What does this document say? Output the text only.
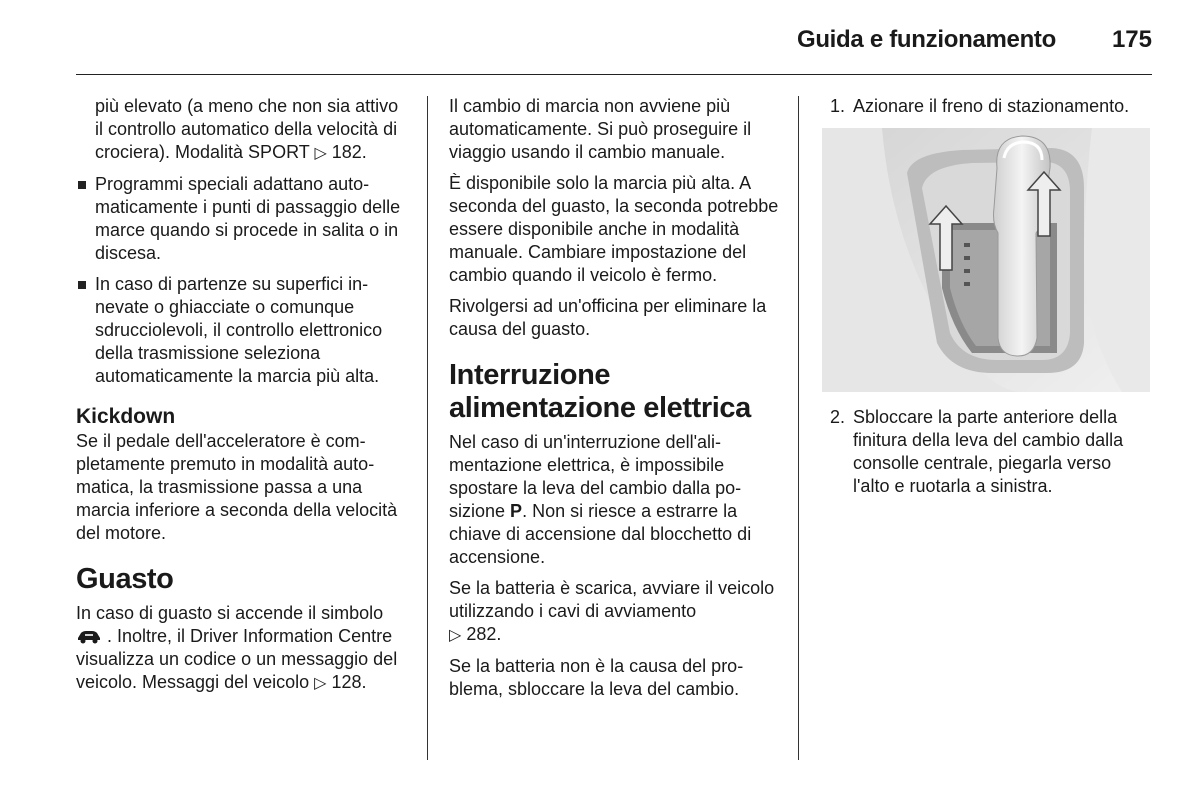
Guida e funzionamento	175

più elevato (a meno che non sia attivo il controllo automatico della velocità di crociera). Modalità SPORT ▷ 182.

Programmi speciali adattano automaticamente i punti di passaggio delle marce quando si procede in salita o in discesa.
In caso di partenze su superfici innevate o ghiacciate o comunque sdrucciolevoli, il controllo elettronico della trasmissione seleziona automaticamente la marcia più alta.
Kickdown

Se il pedale dell'acceleratore è completamente premuto in modalità automatica, la trasmissione passa a una marcia inferiore a seconda della velocità del motore.

Guasto

In caso di guasto si accende il simbolo  . Inoltre, il Driver Information Centre visualizza un codice o un messaggio del veicolo. Messaggi del veicolo ▷ 128.

Il cambio di marcia non avviene più automaticamente. Si può proseguire il viaggio usando il cambio manuale.

È disponibile solo la marcia più alta. A seconda del guasto, la seconda potrebbe essere disponibile anche in modalità manuale. Cambiare impostazione del cambio quando il veicolo è fermo.

Rivolgersi ad un'officina per eliminare la causa del guasto.

Interruzione alimentazione elettrica

Nel caso di un'interruzione dell'alimentazione elettrica, è impossibile spostare la leva del cambio dalla posizione P. Non si riesce a estrarre la chiave di accensione dal blocchetto di accensione.

Se la batteria è scarica, avviare il veicolo utilizzando i cavi di avviamento
▷ 282.

Se la batteria non è la causa del problema, sbloccare la leva del cambio.

1. Azionare il freno di stazionamento.
2. Sbloccare la parte anteriore della finitura della leva del cambio dalla consolle centrale, piegarla verso l'alto e ruotarla a sinistra.
